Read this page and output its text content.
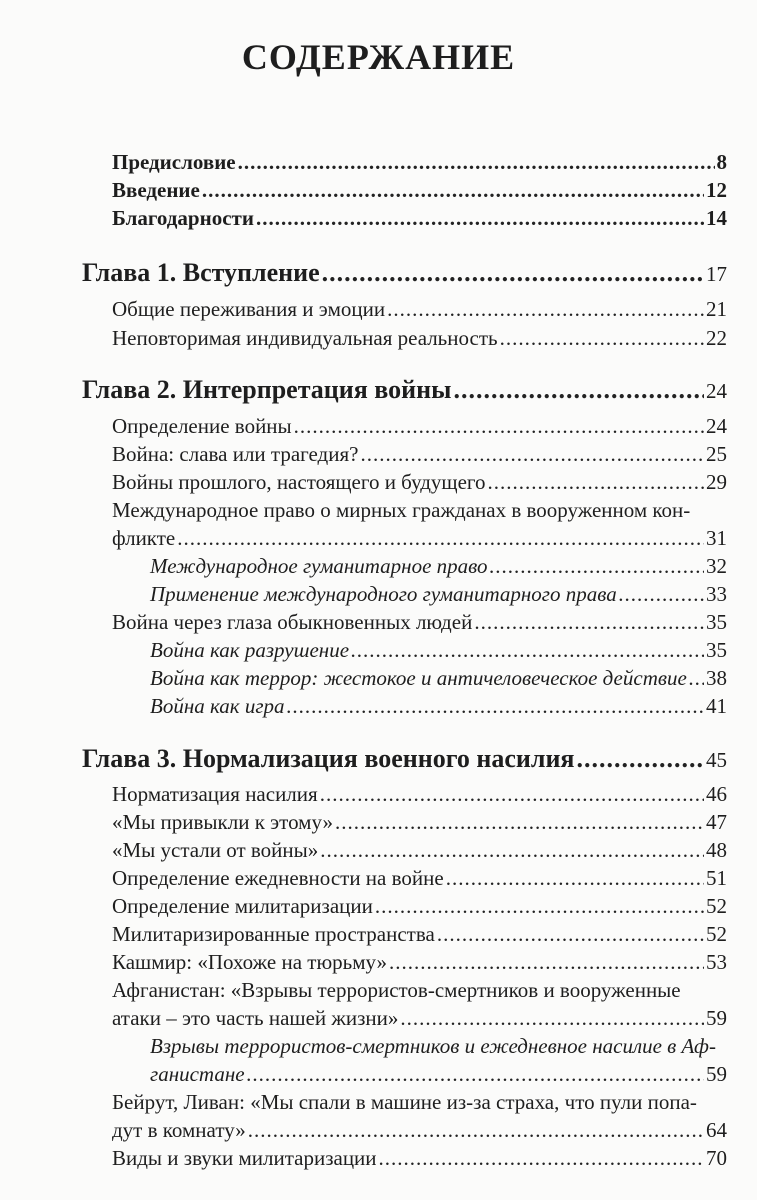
СОДЕРЖАНИЕ
Предисловие .....	8
Введение .....	12
Благодарности .....	14
Глава 1. Вступление .....	17
Общие переживания и эмоции .....	21
Неповторимая индивидуальная реальность .....	22
Глава 2. Интерпретация войны .....	24
Определение войны .....	24
Война: слава или трагедия? .....	25
Войны прошлого, настоящего и будущего .....	29
Международное право о мирных гражданах в вооруженном кон-
фликте .....	31
Международное гуманитарное право .....	32
Применение международного гуманитарного права .....	33
Война через глаза обыкновенных людей .....	35
Война как разрушение .....	35
Война как террор: жестокое и античеловеческое действие ..... 38
Война как игра .....	41
Глава 3. Нормализация военного насилия .....	45
Норматизация насилия .....	46
«Мы привыкли к этому» .....	47
«Мы устали от войны» .....	48
Определение ежедневности на войне .....	51
Определение милитаризации .....	52
Милитаризированные пространства .....	52
Кашмир: «Похоже на тюрьму» .....	53
Афганистан: «Взрывы террористов-смертников и вооруженные
атаки – это часть нашей жизни» .....	59
Взрывы террористов-смертников и ежедневное насилие в Аф-
ганистане .....	59
Бейрут, Ливан: «Мы спали в машине из-за страха, что пули попа-
дут в комнату» .....	64
Виды и звуки милитаризации .....	70
